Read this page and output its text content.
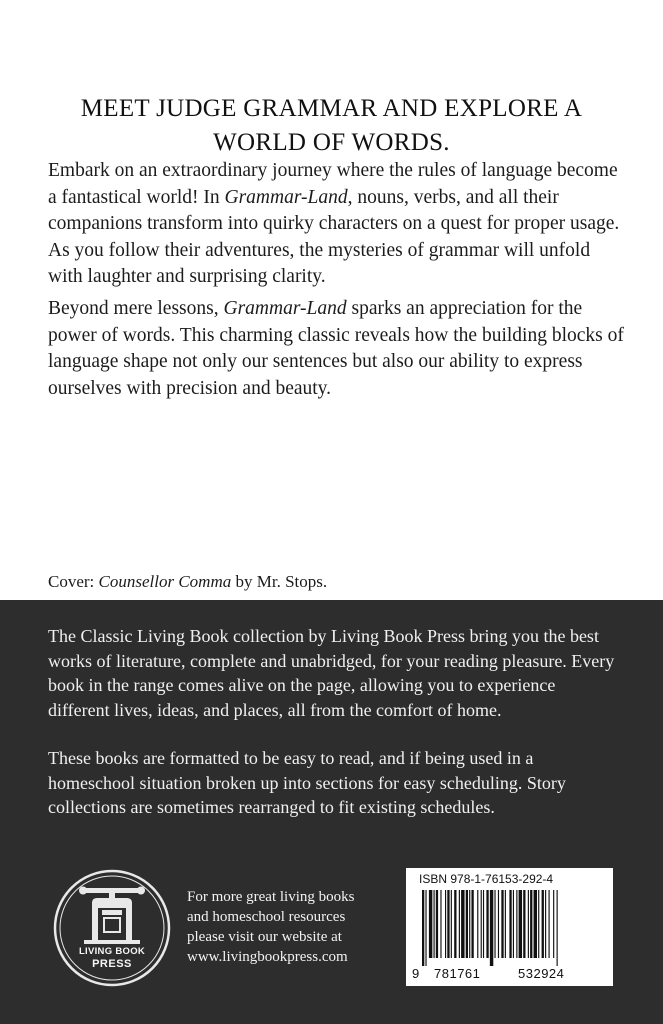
MEET JUDGE GRAMMAR AND EXPLORE A
WORLD OF WORDS.

Embark on an extraordinary journey where the rules of language become a fantastical world! In Grammar-Land, nouns, verbs, and all their companions transform into quirky characters on a quest for proper usage. As you follow their adventures, the mysteries of grammar will unfold with laughter and surprising clarity.

Beyond mere lessons, Grammar-Land sparks an appreciation for the power of words. This charming classic reveals how the building blocks of language shape not only our sentences but also our ability to express ourselves with precision and beauty.

Cover: Counsellor Comma by Mr. Stops.

The Classic Living Book collection by Living Book Press bring you the best works of literature, complete and unabridged, for your reading pleasure. Every book in the range comes alive on the page, allowing you to experience different lives, ideas, and places, all from the comfort of home.

These books are formatted to be easy to read, and if being used in a homeschool situation broken up into sections for easy scheduling. Story collections are sometimes rearranged to fit existing schedules.

LIVING BOOK
PRESS
For more great living books
and homeschool resources
please visit our website at
www.livingbookpress.com
ISBN 978-1-76153-292-4
9 781761	532924
